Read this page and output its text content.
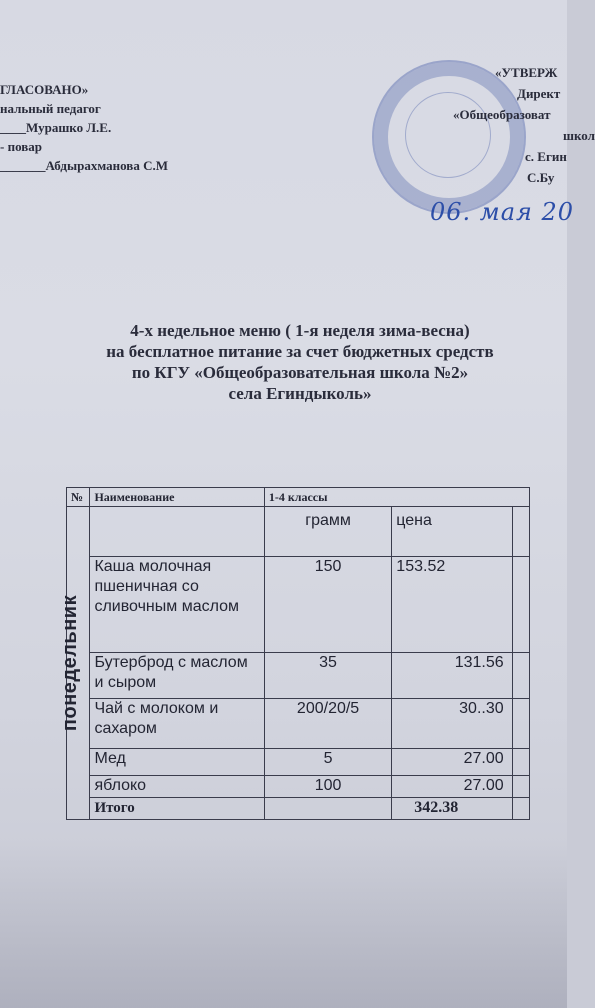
ГЛАСОВАНО»
нальный педагог
____Мурашко Л.Е.
- повар
_______Абдырахманова С.М
«УТВЕРЖ
Директ
«Общеобразоват
школ
с. Егин
С.Бу
06. мая 20
4-х недельное меню ( 1-я неделя зима-весна)
на бесплатное питание за счет бюджетных средств
по КГУ «Общеобразовательная школа №2»
села Егиндыколь»
№	Наименование	1-4 классы		

понедельник		грамм	цена	
	Каша молочная пшеничная со сливочным маслом	150	153.52	
	Бутерброд с маслом и сыром	35	131.56	
	Чай с молоком и сахаром	200/20/5	30..30	
	Мед	5	27.00	
	яблоко	100	27.00	
	Итого		342.38	
